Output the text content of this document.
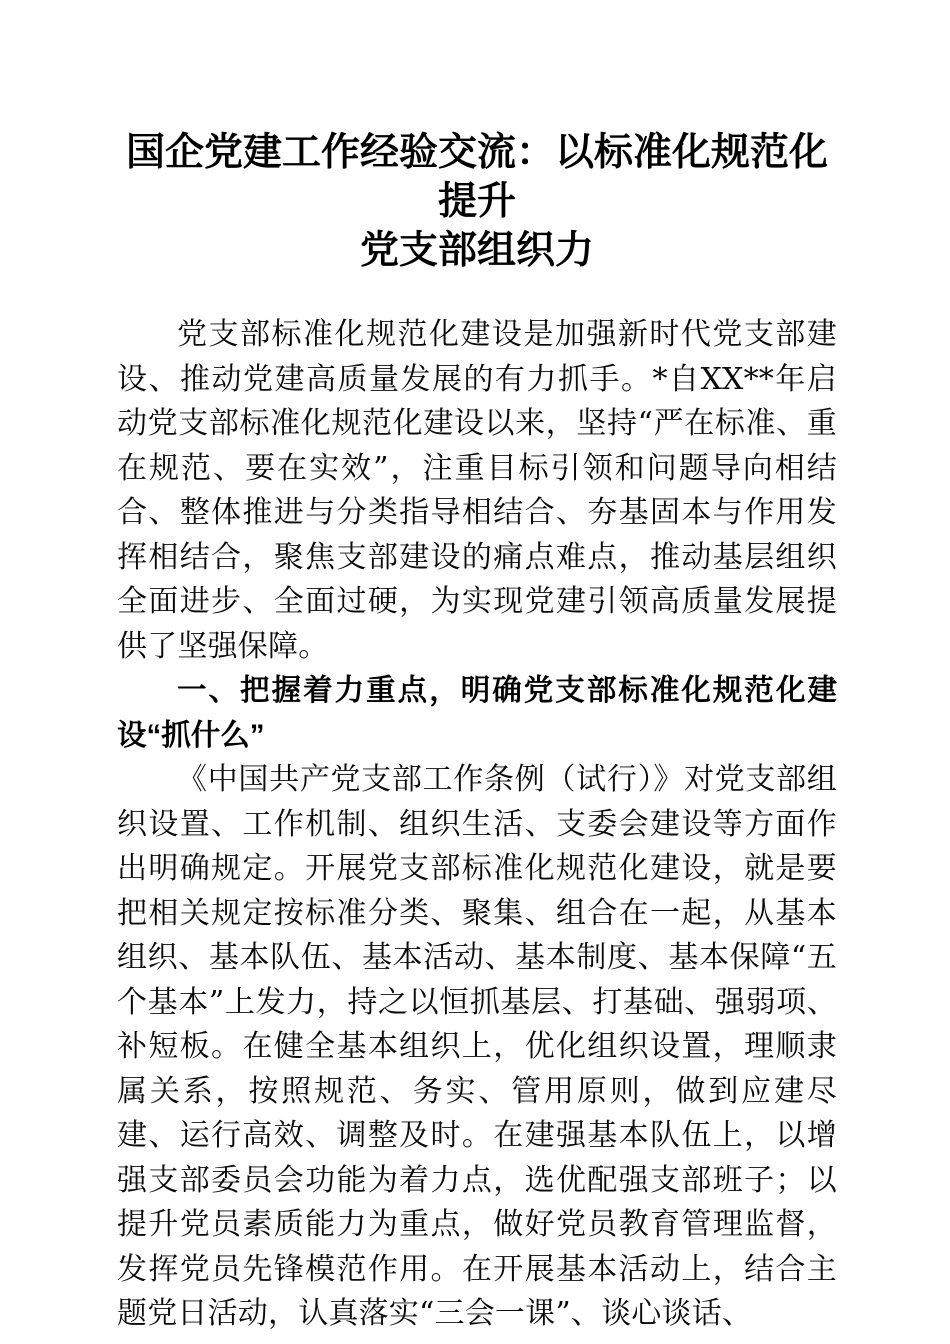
国企党建工作经验交流：以标准化规范化提升
党支部组织力

党支部标准化规范化建设是加强新时代党支部建设、推动党建高质量发展的有力抓手。*自XX**年启动党支部标准化规范化建设以来，坚持“严在标准、重在规范、要在实效”，注重目标引领和问题导向相结合、整体推进与分类指导相结合、夯基固本与作用发挥相结合，聚焦支部建设的痛点难点，推动基层组织全面进步、全面过硬，为实现党建引领高质量发展提供了坚强保障。

一、把握着力重点，明确党支部标准化规范化建设“抓什么”

《中国共产党支部工作条例（试行）》对党支部组织设置、工作机制、组织生活、支委会建设等方面作出明确规定。开展党支部标准化规范化建设，就是要把相关规定按标准分类、聚集、组合在一起，从基本组织、基本队伍、基本活动、基本制度、基本保障“五个基本”上发力，持之以恒抓基层、打基础、强弱项、补短板。在健全基本组织上，优化组织设置，理顺隶属关系，按照规范、务实、管用原则，做到应建尽建、运行高效、调整及时。在建强基本队伍上，以增强支部委员会功能为着力点，选优配强支部班子；以提升党员素质能力为重点，做好党员教育管理监督，发挥党员先锋模范作用。在开展基本活动上，结合主题党日活动，认真落实“三会一课”、谈心谈话、
